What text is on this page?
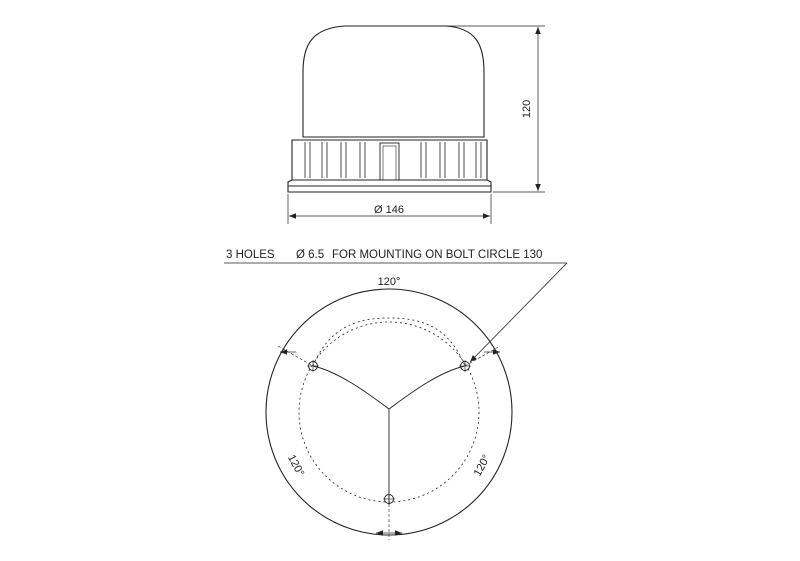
120
Ø 146
3 HOLES Ø 6.5 FOR MOUNTING ON BOLT CIRCLE 130
120°
120°	120°
